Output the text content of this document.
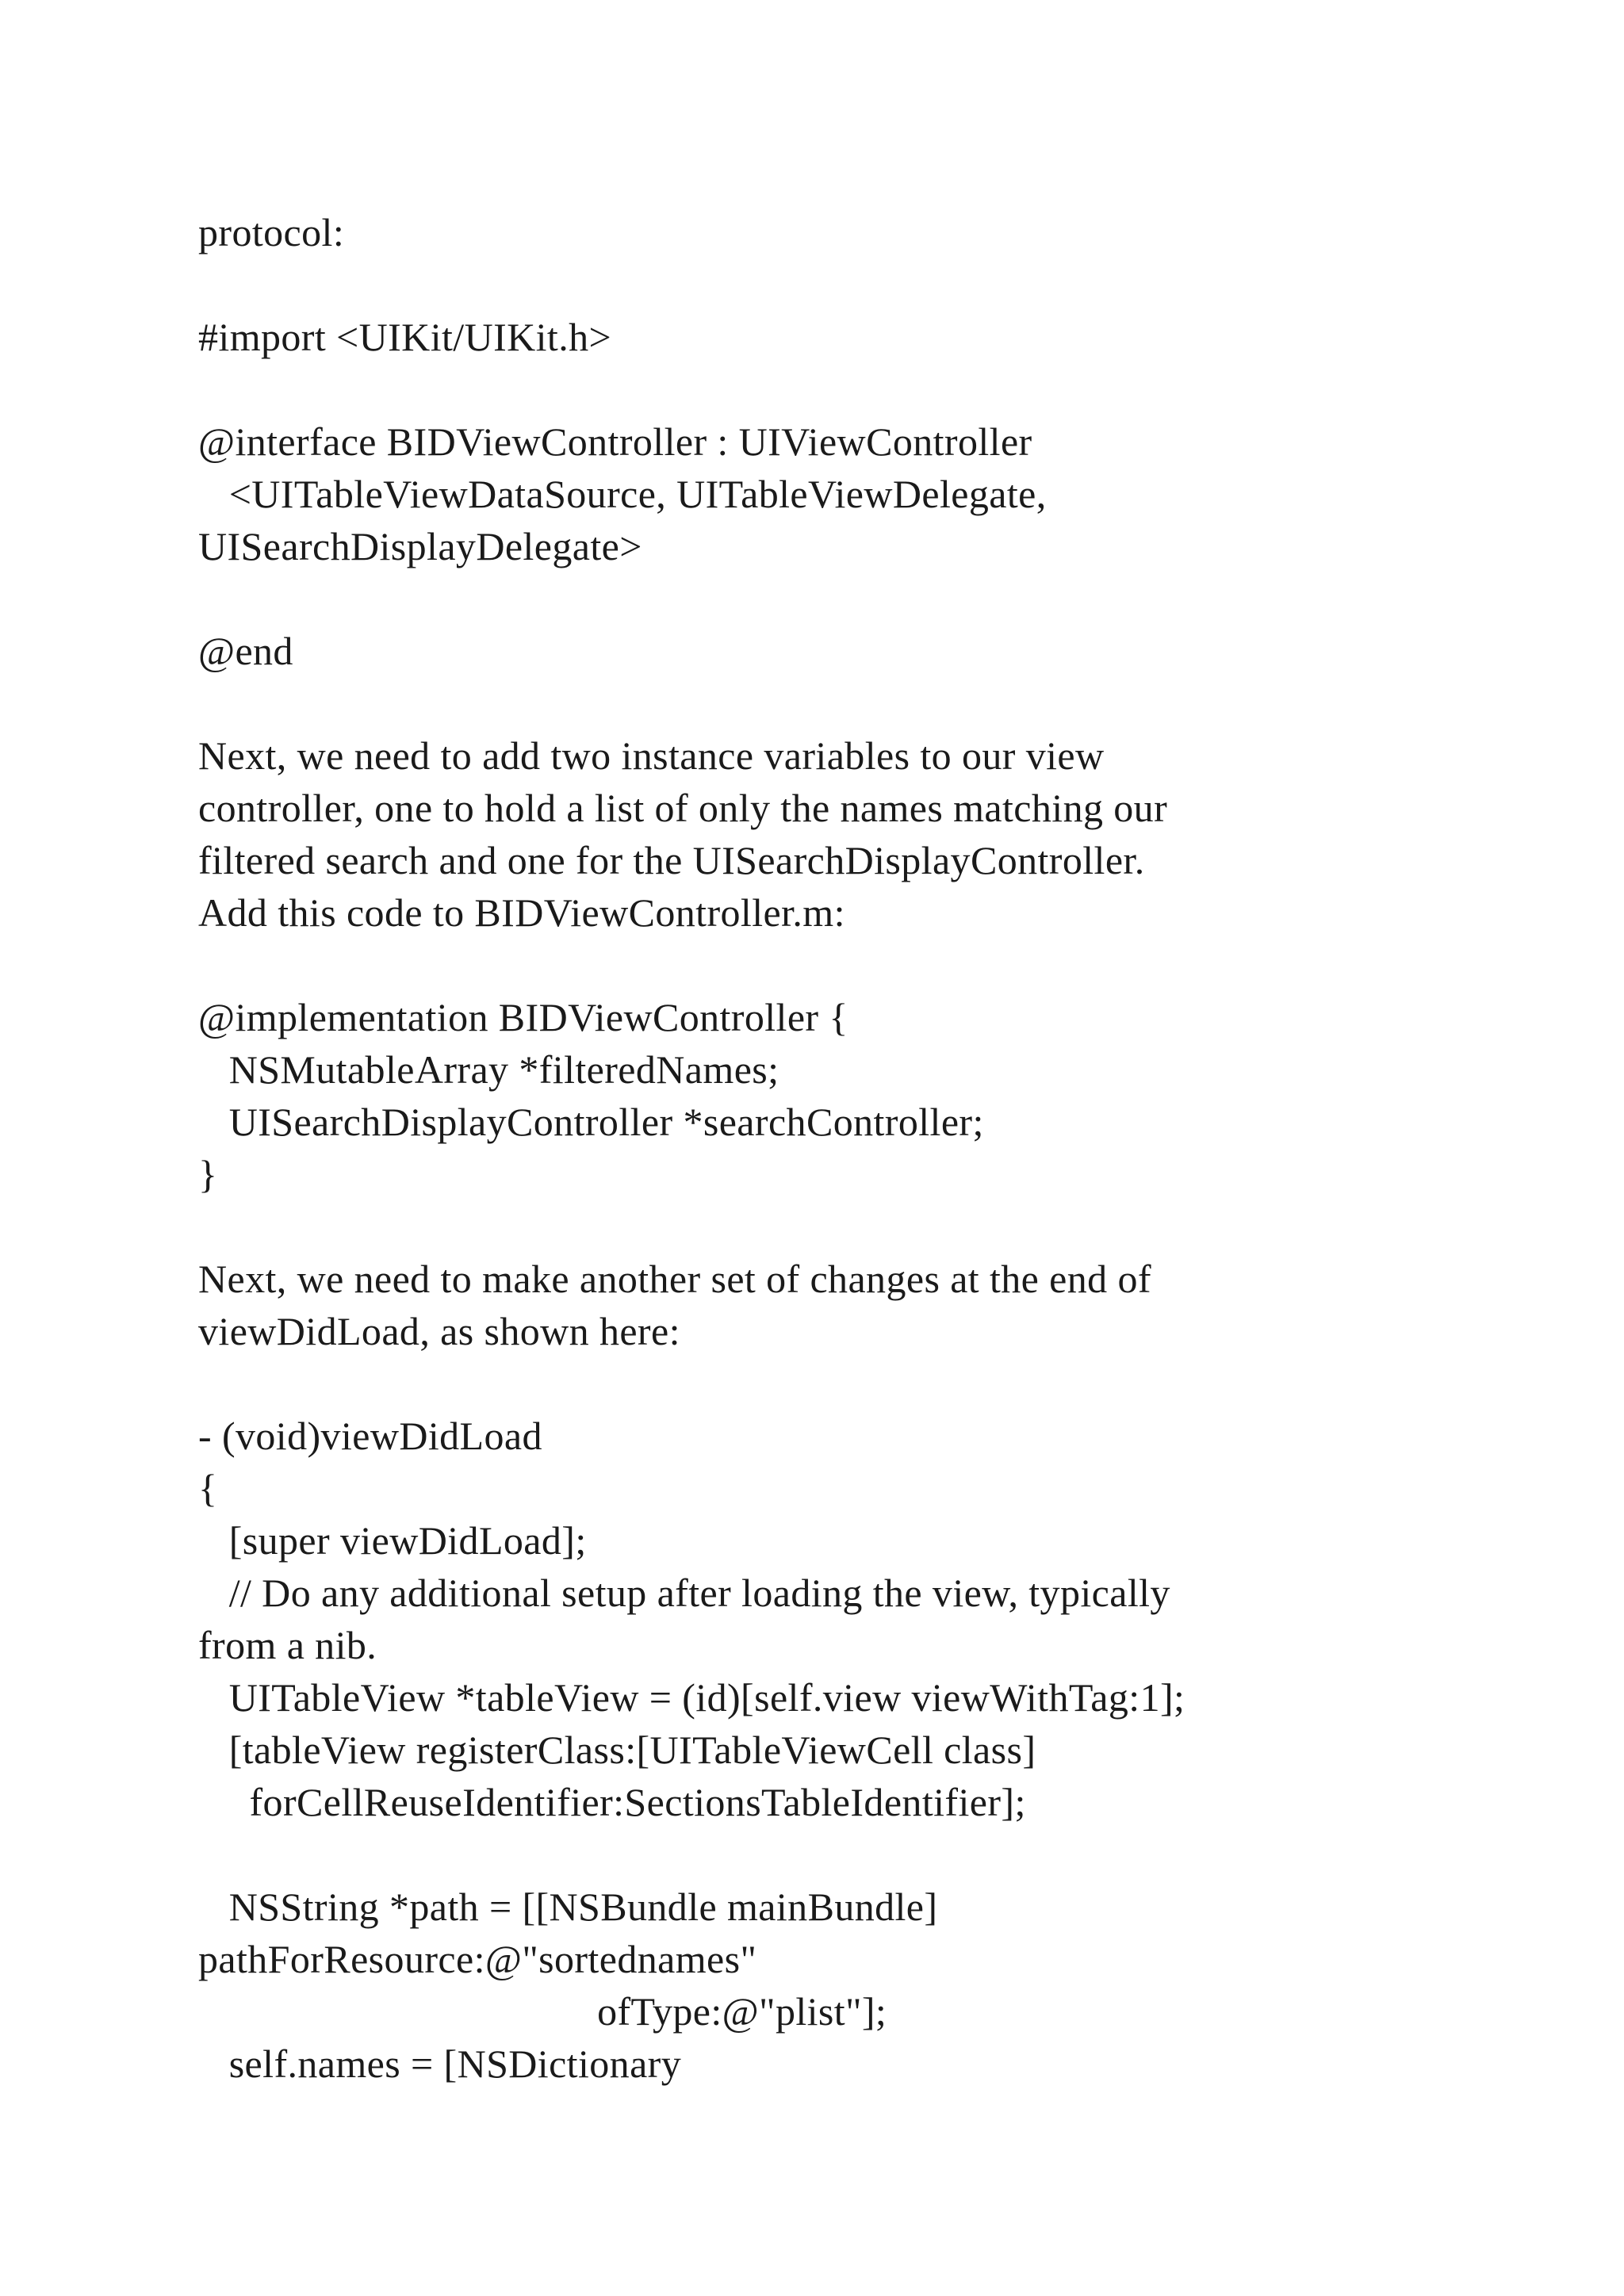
protocol:

#import <UIKit/UIKit.h>

@interface BIDViewController : UIViewController

<UITableViewDataSource, UITableViewDelegate,

UISearchDisplayDelegate>

@end

Next, we need to add two instance variables to our view

controller, one to hold a list of only the names matching our

filtered search and one for the UISearchDisplayController.

Add this code to BIDViewController.m:

@implementation BIDViewController {

NSMutableArray *filteredNames;

UISearchDisplayController *searchController;

}

Next, we need to make another set of changes at the end of

viewDidLoad, as shown here:

- (void)viewDidLoad

{

[super viewDidLoad];

// Do any additional setup after loading the view, typically

from a nib.

UITableView *tableView = (id)[self.view viewWithTag:1];

[tableView registerClass:[UITableViewCell class]

forCellReuseIdentifier:SectionsTableIdentifier];

NSString *path = [[NSBundle mainBundle]

pathForResource:@"sortednames"

ofType:@"plist"];

self.names = [NSDictionary
